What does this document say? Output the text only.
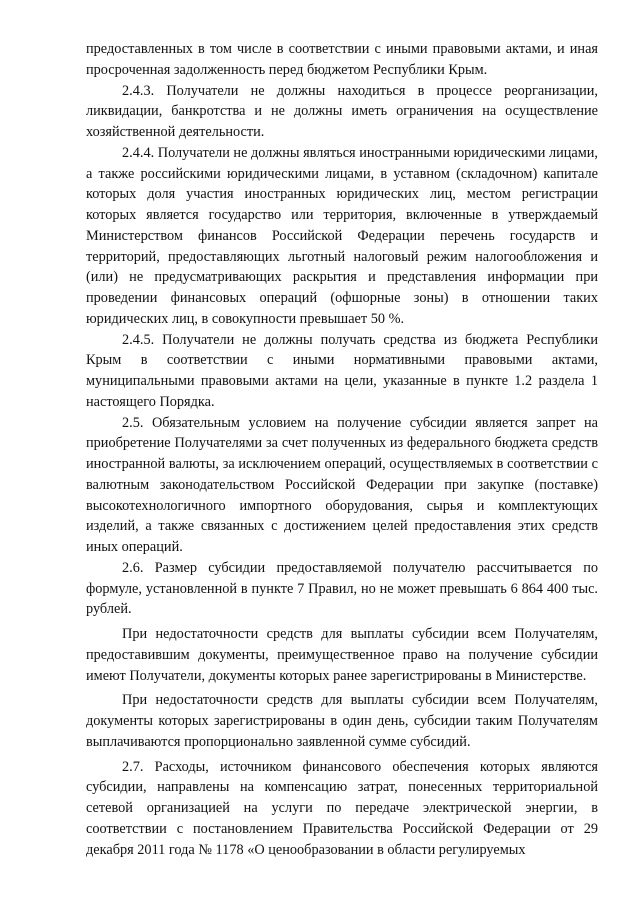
предоставленных в том числе в соответствии с иными правовыми актами, и иная просроченная задолженность перед бюджетом Республики Крым.

2.4.3. Получатели не должны находиться в процессе реорганизации, ликвидации, банкротства и не должны иметь ограничения на осуществление хозяйственной деятельности.

2.4.4. Получатели не должны являться иностранными юридическими лицами, а также российскими юридическими лицами, в уставном (складочном) капитале которых доля участия иностранных юридических лиц, местом регистрации которых является государство или территория, включенные в утверждаемый Министерством финансов Российской Федерации перечень государств и территорий, предоставляющих льготный налоговый режим налогообложения и (или) не предусматривающих раскрытия и представления информации при проведении финансовых операций (офшорные зоны) в отношении таких юридических лиц, в совокупности превышает 50 %.

2.4.5. Получатели не должны получать средства из бюджета Республики Крым в соответствии с иными нормативными правовыми актами, муниципальными правовыми актами на цели, указанные в пункте 1.2 раздела 1 настоящего Порядка.

2.5. Обязательным условием на получение субсидии является запрет на приобретение Получателями за счет полученных из федерального бюджета средств иностранной валюты, за исключением операций, осуществляемых в соответствии с валютным законодательством Российской Федерации при закупке (поставке) высокотехнологичного импортного оборудования, сырья и комплектующих изделий, а также связанных с достижением целей предоставления этих средств иных операций.

2.6. Размер субсидии предоставляемой получателю рассчитывается по формуле, установленной в пункте 7 Правил, но не может превышать 6 864 400 тыс. рублей.

При недостаточности средств для выплаты субсидии всем Получателям, предоставившим документы, преимущественное право на получение субсидии имеют Получатели, документы которых ранее зарегистрированы в Министерстве.

При недостаточности средств для выплаты субсидии всем Получателям, документы которых зарегистрированы в один день, субсидии таким Получателям выплачиваются пропорционально заявленной сумме субсидий.

2.7. Расходы, источником финансового обеспечения которых являются субсидии, направлены на компенсацию затрат, понесенных территориальной сетевой организацией на услуги по передаче электрической энергии, в соответствии с постановлением Правительства Российской Федерации от 29 декабря 2011 года № 1178 «О ценообразовании в области регулируемых
